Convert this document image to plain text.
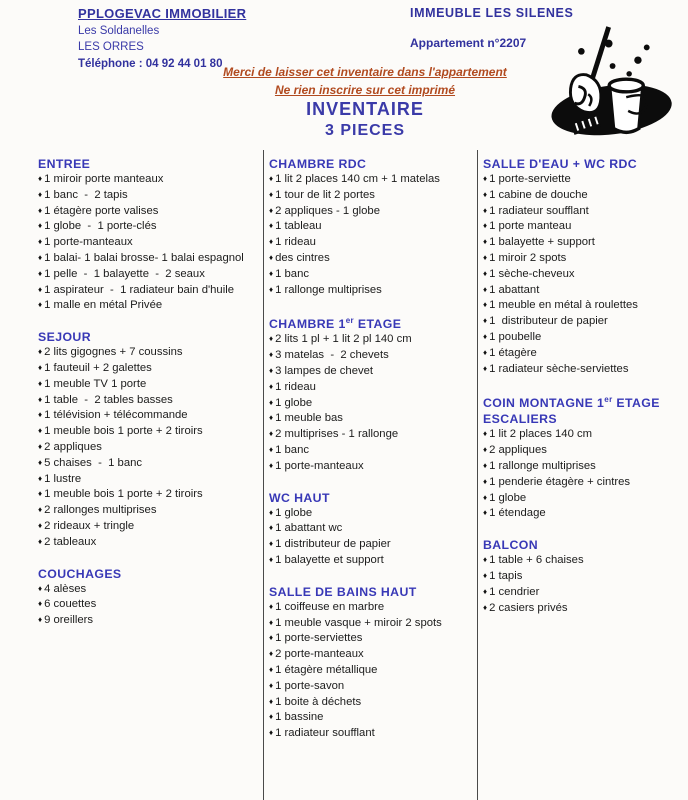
PPLOGEVAC IMMOBILIER
Les Soldanelles
LES ORRES
Téléphone : 04 92 44 01 80
IMMEUBLE LES SILENES
Appartement n°2207
Merci de laisser cet inventaire dans l'appartement
Ne rien inscrire sur cet imprimé
INVENTAIRE
3 PIECES
ENTREE
♦ 1 miroir porte manteaux
♦ 1 banc  -  2 tapis
♦ 1 étagère porte valises
♦ 1 globe  -  1 porte-clés
♦ 1 porte-manteaux
♦ 1 balai- 1 balai brosse- 1 balai espagnol
♦ 1 pelle  -  1 balayette  -  2 seaux
♦ 1 aspirateur  -  1 radiateur bain d'huile
♦ 1 malle en métal Privée
SEJOUR
♦ 2 lits gigognes + 7 coussins
♦ 1 fauteuil + 2 galettes
♦ 1 meuble TV 1 porte
♦ 1 table  -  2 tables basses
♦ 1 télévision + télécommande
♦ 1 meuble bois 1 porte + 2 tiroirs
♦ 2 appliques
♦ 5 chaises  -  1 banc
♦ 1 lustre
♦ 1 meuble bois 1 porte + 2 tiroirs
♦ 2 rallonges multiprises
♦ 2 rideaux + tringle
♦ 2 tableaux
COUCHAGES
♦ 4 alèses
♦ 6 couettes
♦ 9 oreillers
CHAMBRE RDC
♦ 1 lit 2 places 140 cm + 1 matelas
♦ 1 tour de lit 2 portes
♦ 2 appliques - 1 globe
♦ 1 tableau
♦ 1 rideau
♦ des cintres
♦ 1 banc
♦ 1 rallonge multiprises
CHAMBRE 1er ETAGE
♦ 2 lits 1 pl + 1 lit 2 pl 140 cm
♦ 3 matelas  -  2 chevets
♦ 3 lampes de chevet
♦ 1 rideau
♦ 1 globe
♦ 1 meuble bas
♦ 2 multiprises - 1 rallonge
♦ 1 banc
♦ 1 porte-manteaux
WC HAUT
♦ 1 globe
♦ 1 abattant wc
♦ 1 distributeur de papier
♦ 1 balayette et support
SALLE DE BAINS HAUT
♦ 1 coiffeuse en marbre
♦ 1 meuble vasque + miroir 2 spots
♦ 1 porte-serviettes
♦ 2 porte-manteaux
♦ 1 étagère métallique
♦ 1 porte-savon
♦ 1 boite à déchets
♦ 1 bassine
♦ 1 radiateur soufflant
SALLE D'EAU + WC RDC
♦ 1 porte-serviette
♦ 1 cabine de douche
♦ 1 radiateur soufflant
♦ 1 porte manteau
♦ 1 balayette + support
♦ 1 miroir 2 spots
♦ 1 sèche-cheveux
♦ 1 abattant
♦ 1 meuble en métal à roulettes
♦ 1  distributeur de papier
♦ 1 poubelle
♦ 1 étagère
♦ 1 radiateur sèche-serviettes
COIN MONTAGNE 1er ETAGE
ESCALIERS
♦ 1 lit 2 places 140 cm
♦ 2 appliques
♦ 1 rallonge multiprises
♦ 1 penderie étagère + cintres
♦ 1 globe
♦ 1 étendage
BALCON
♦ 1 table + 6 chaises
♦ 1 tapis
♦ 1 cendrier
♦ 2 casiers privés
